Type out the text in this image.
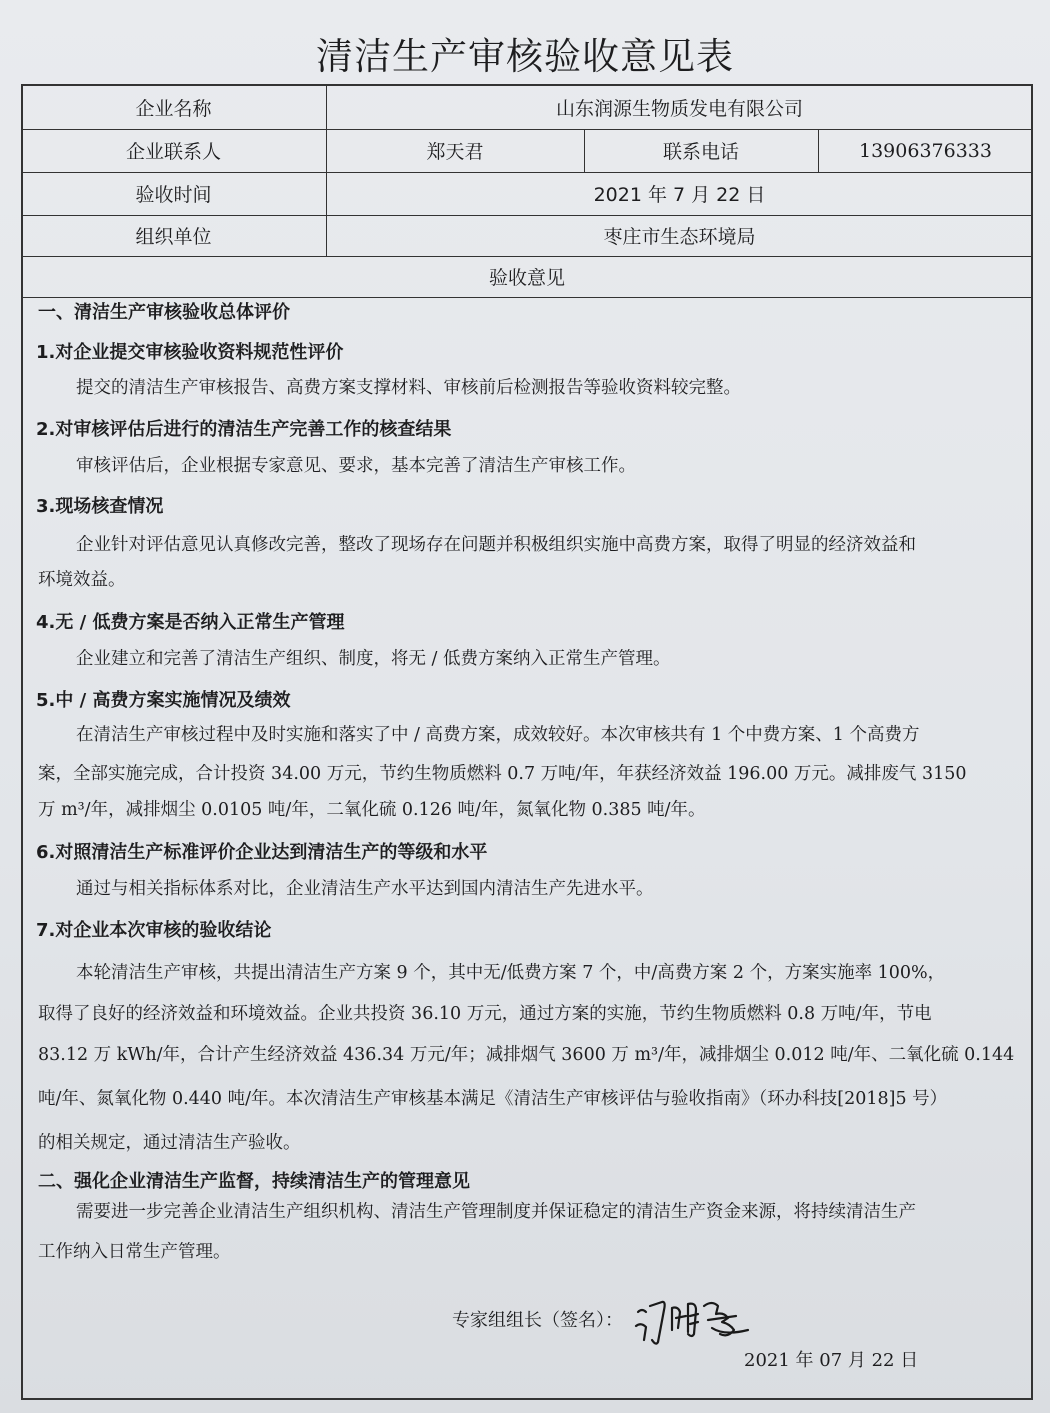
清洁生产审核验收意见表
企业名称	山东润源生物质发电有限公司
企业联系人	郑天君	联系电话	13906376333
验收时间	2021 年 7 月 22 日
组织单位	枣庄市生态环境局
验收意见
一、清洁生产审核验收总体评价
1.对企业提交审核验收资料规范性评价
提交的清洁生产审核报告、高费方案支撑材料、审核前后检测报告等验收资料较完整。
2.对审核评估后进行的清洁生产完善工作的核查结果
审核评估后，企业根据专家意见、要求，基本完善了清洁生产审核工作。
3.现场核查情况
企业针对评估意见认真修改完善，整改了现场存在问题并积极组织实施中高费方案，取得了明显的经济效益和
环境效益。
4.无 / 低费方案是否纳入正常生产管理
企业建立和完善了清洁生产组织、制度，将无 / 低费方案纳入正常生产管理。
5.中 / 高费方案实施情况及绩效
在清洁生产审核过程中及时实施和落实了中 / 高费方案，成效较好。本次审核共有 1 个中费方案、1 个高费方
案，全部实施完成，合计投资 34.00 万元，节约生物质燃料 0.7 万吨/年，年获经济效益 196.00 万元。减排废气 3150
万 m³/年，减排烟尘 0.0105 吨/年，二氧化硫 0.126 吨/年，氮氧化物 0.385 吨/年。
6.对照清洁生产标准评价企业达到清洁生产的等级和水平
通过与相关指标体系对比，企业清洁生产水平达到国内清洁生产先进水平。
7.对企业本次审核的验收结论
本轮清洁生产审核，共提出清洁生产方案 9 个，其中无/低费方案 7 个，中/高费方案 2 个，方案实施率 100%，
取得了良好的经济效益和环境效益。企业共投资 36.10 万元，通过方案的实施，节约生物质燃料 0.8 万吨/年，节电
83.12 万 kWh/年，合计产生经济效益 436.34 万元/年；减排烟气 3600 万 m³/年，减排烟尘 0.012 吨/年、二氧化硫 0.144
吨/年、氮氧化物 0.440 吨/年。本次清洁生产审核基本满足《清洁生产审核评估与验收指南》（环办科技[2018]5 号）
的相关规定，通过清洁生产验收。
二、强化企业清洁生产监督，持续清洁生产的管理意见
需要进一步完善企业清洁生产组织机构、清洁生产管理制度并保证稳定的清洁生产资金来源，将持续清洁生产
工作纳入日常生产管理。
专家组组长（签名）：
2021 年 07 月 22 日
